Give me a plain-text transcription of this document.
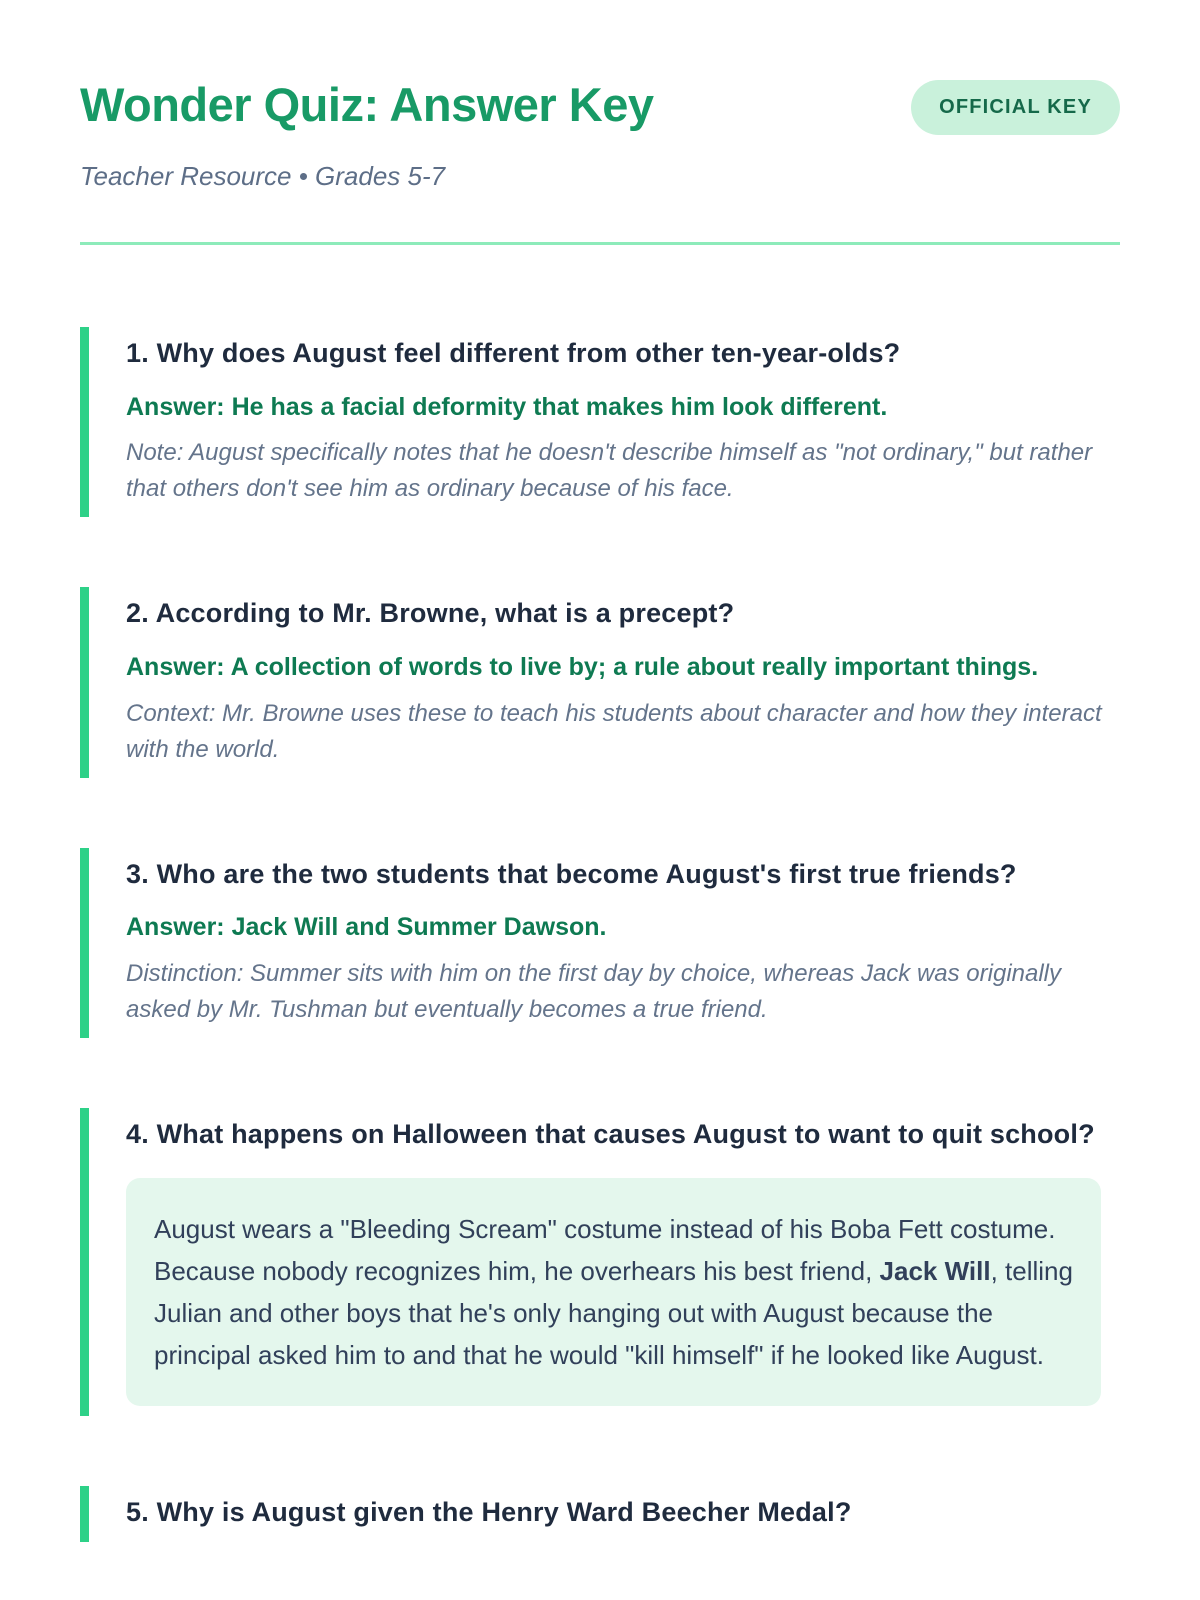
Wonder Quiz: Answer Key	OFFICIAL KEY
Teacher Resource • Grades 5-7
1. Why does August feel different from other ten-year-olds?

Answer: He has a facial deformity that makes him look different.

Note: August specifically notes that he doesn't describe himself as "not ordinary," but rather that others don't see him as ordinary because of his face.

2. According to Mr. Browne, what is a precept?

Answer: A collection of words to live by; a rule about really important things.

Context: Mr. Browne uses these to teach his students about character and how they interact with the world.

3. Who are the two students that become August's first true friends?

Answer: Jack Will and Summer Dawson.

Distinction: Summer sits with him on the first day by choice, whereas Jack was originally asked by Mr. Tushman but eventually becomes a true friend.

4. What happens on Halloween that causes August to want to quit school?
August wears a "Bleeding Scream" costume instead of his Boba Fett costume. Because nobody recognizes him, he overhears his best friend, Jack Will, telling Julian and other boys that he's only hanging out with August because the principal asked him to and that he would "kill himself" if he looked like August.
5. Why is August given the Henry Ward Beecher Medal?
